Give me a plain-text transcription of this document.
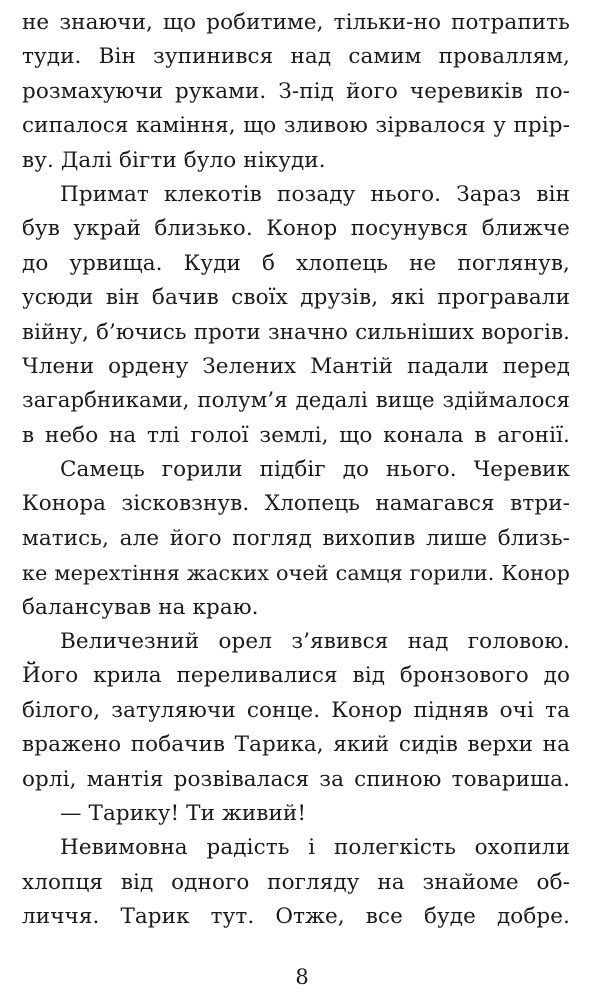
не знаючи, що робитиме, тільки-но потрапить
туди. Він зупинився над самим проваллям,
розмахуючи руками. З-під його черевиків по-
сипалося каміння, що зливою зірвалося у прір-
ву. Далі бігти було нікуди.
Примат клекотів позаду нього. Зараз він
був украй близько. Конор посунувся ближче
до урвища. Куди б хлопець не поглянув,
усюди він бачив своїх друзів, які програвали
війну, б’ючись проти значно сильніших ворогів.
Члени ордену Зелених Мантій падали перед
загарбниками, полум’я дедалі вище здіймалося
в небо на тлі голої землі, що конала в агонії.
Самець горили підбіг до нього. Черевик
Конора зісковзнув. Хлопець намагався втри-
матись, але його погляд вихопив лише близь-
ке мерехтіння жаских очей самця горили. Конор
балансував на краю.
Величезний орел з’явився над головою.
Його крила переливалися від бронзового до
білого, затуляючи сонце. Конор підняв очі та
вражено побачив Тарика, який сидів верхи на
орлі, мантія розвівалася за спиною товариша.
— Тарику! Ти живий!
Невимовна радість і полегкість охопили
хлопця від одного погляду на знайоме об-
личчя. Тарик тут. Отже, все буде добре.
8
